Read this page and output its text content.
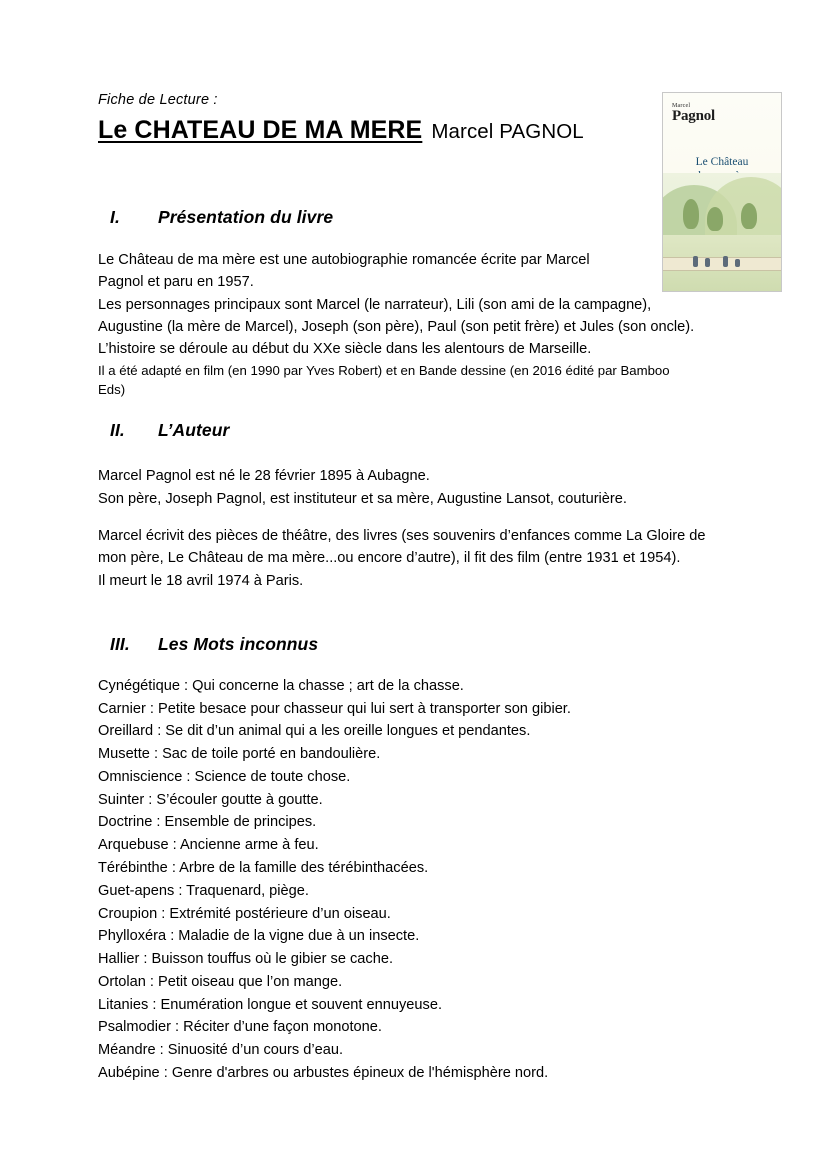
Marcel
Pagnol
Le Château

Fiche de Lecture :
Le CHATEAU DE MA MERE Marcel PAGNOL
I.	Présentation du livre

Le Château de ma mère est une autobiographie romancée écrite par Marcel

Pagnol et paru en 1957.

Les personnages principaux sont Marcel (le narrateur), Lili (son ami de la campagne),

Augustine (la mère de Marcel), Joseph (son père), Paul (son petit frère) et Jules (son oncle).

L’histoire se déroule au début du XXe siècle dans les alentours de Marseille.

Il a été adapté en film (en 1990 par Yves Robert) et en Bande dessine (en 2016 édité par Bamboo

Eds)

II.	L’Auteur

Marcel Pagnol est né le 28 février 1895 à Aubagne.

Son père, Joseph Pagnol, est instituteur et sa mère, Augustine Lansot, couturière.

Marcel écrivit des pièces de théâtre, des livres (ses souvenirs d’enfances comme La Gloire de

mon père, Le Château de ma mère...ou encore d’autre), il fit des film (entre 1931 et 1954).

Il meurt le 18 avril 1974 à Paris.

III.	Les Mots inconnus
Cynégétique : Qui concerne la chasse ; art de la chasse.
Carnier : Petite besace pour chasseur qui lui sert à transporter son gibier.
Oreillard : Se dit d’un animal qui a les oreille longues et pendantes.
Musette : Sac de toile porté en bandoulière.
Omniscience : Science de toute chose.
Suinter : S’écouler goutte à goutte.
Doctrine : Ensemble de principes.
Arquebuse : Ancienne arme à feu.
Térébinthe : Arbre de la famille des térébinthacées.
Guet-apens : Traquenard, piège.
Croupion : Extrémité postérieure d’un oiseau.
Phylloxéra : Maladie de la vigne due à un insecte.
Hallier : Buisson touffus où le gibier se cache.
Ortolan : Petit oiseau que l’on mange.
Litanies : Enumération longue et souvent ennuyeuse.
Psalmodier : Réciter d’une façon monotone.
Méandre : Sinuosité d’un cours d’eau.
Aubépine : Genre d'arbres ou arbustes épineux de l'hémisphère nord.
